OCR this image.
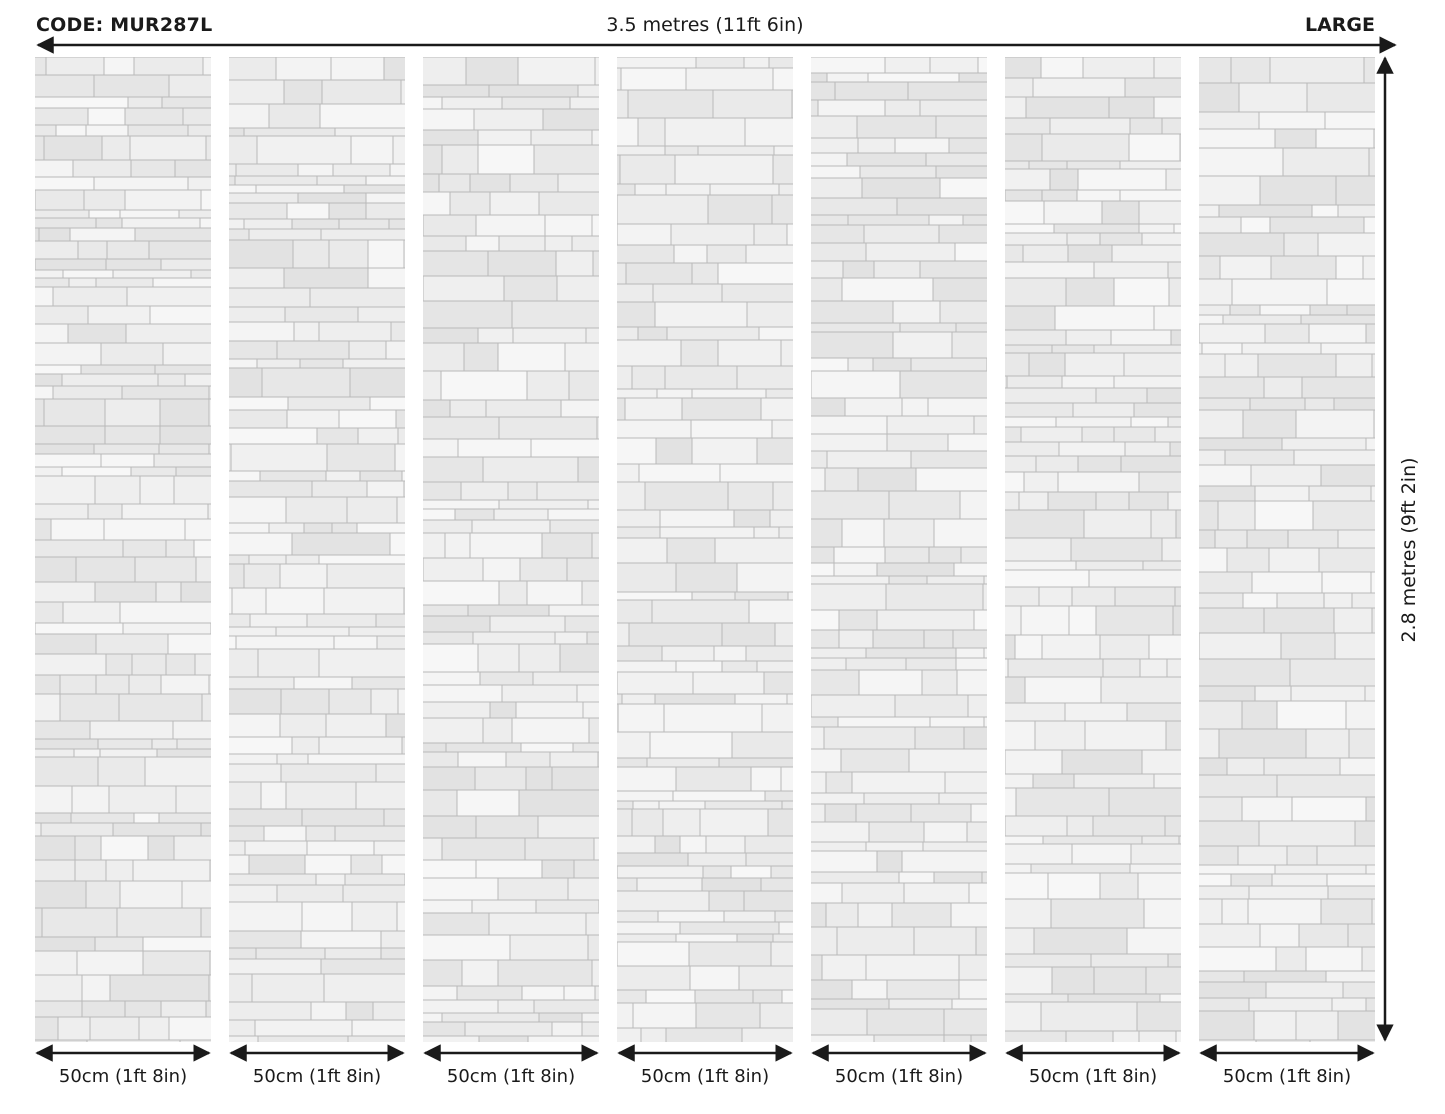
CODE: MUR287L	3.5 metres (11ft 6in)	LARGE
2.8 metres (9ft 2in)
50cm (1ft 8in)	50cm (1ft 8in)	50cm (1ft 8in)	50cm (1ft 8in)	50cm (1ft 8in)	50cm (1ft 8in)	50cm (1ft 8in)
